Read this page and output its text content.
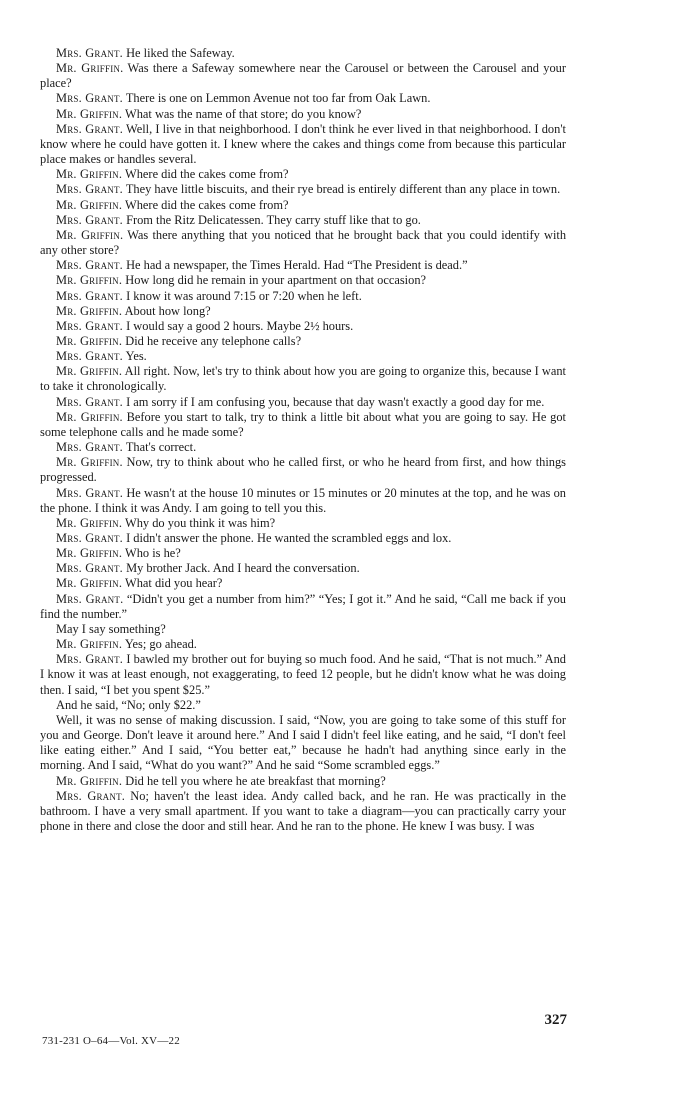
Mrs. Grant. He liked the Safeway.

Mr. Griffin. Was there a Safeway somewhere near the Carousel or between the Carousel and your place?

Mrs. Grant. There is one on Lemmon Avenue not too far from Oak Lawn.

Mr. Griffin. What was the name of that store; do you know?

Mrs. Grant. Well, I live in that neighborhood. I don't think he ever lived in that neighborhood. I don't know where he could have gotten it. I knew where the cakes and things come from because this particular place makes or handles several.

Mr. Griffin. Where did the cakes come from?

Mrs. Grant. They have little biscuits, and their rye bread is entirely different than any place in town.

Mr. Griffin. Where did the cakes come from?

Mrs. Grant. From the Ritz Delicatessen. They carry stuff like that to go.

Mr. Griffin. Was there anything that you noticed that he brought back that you could identify with any other store?

Mrs. Grant. He had a newspaper, the Times Herald. Had “The President is dead.”

Mr. Griffin. How long did he remain in your apartment on that occasion?

Mrs. Grant. I know it was around 7:15 or 7:20 when he left.

Mr. Griffin. About how long?

Mrs. Grant. I would say a good 2 hours. Maybe 2½ hours.

Mr. Griffin. Did he receive any telephone calls?

Mrs. Grant. Yes.

Mr. Griffin. All right. Now, let's try to think about how you are going to organize this, because I want to take it chronologically.

Mrs. Grant. I am sorry if I am confusing you, because that day wasn't exactly a good day for me.

Mr. Griffin. Before you start to talk, try to think a little bit about what you are going to say. He got some telephone calls and he made some?

Mrs. Grant. That's correct.

Mr. Griffin. Now, try to think about who he called first, or who he heard from first, and how things progressed.

Mrs. Grant. He wasn't at the house 10 minutes or 15 minutes or 20 minutes at the top, and he was on the phone. I think it was Andy. I am going to tell you this.

Mr. Griffin. Why do you think it was him?

Mrs. Grant. I didn't answer the phone. He wanted the scrambled eggs and lox.

Mr. Griffin. Who is he?

Mrs. Grant. My brother Jack. And I heard the conversation.

Mr. Griffin. What did you hear?

Mrs. Grant. “Didn't you get a number from him?” “Yes; I got it.” And he said, “Call me back if you find the number.”

May I say something?

Mr. Griffin. Yes; go ahead.

Mrs. Grant. I bawled my brother out for buying so much food. And he said, “That is not much.” And I know it was at least enough, not exaggerating, to feed 12 people, but he didn't know what he was doing then. I said, “I bet you spent $25.”

And he said, “No; only $22.”

Well, it was no sense of making discussion. I said, “Now, you are going to take some of this stuff for you and George. Don't leave it around here.” And I said I didn't feel like eating, and he said, “I don't feel like eating either.” And I said, “You better eat,” because he hadn't had anything since early in the morning. And I said, “What do you want?” And he said “Some scrambled eggs.”

Mr. Griffin. Did he tell you where he ate breakfast that morning?

Mrs. Grant. No; haven't the least idea. Andy called back, and he ran. He was practically in the bathroom. I have a very small apartment. If you want to take a diagram—you can practically carry your phone in there and close the door and still hear. And he ran to the phone. He knew I was busy. I was

327
731-231 O–64—Vol. XV—22
